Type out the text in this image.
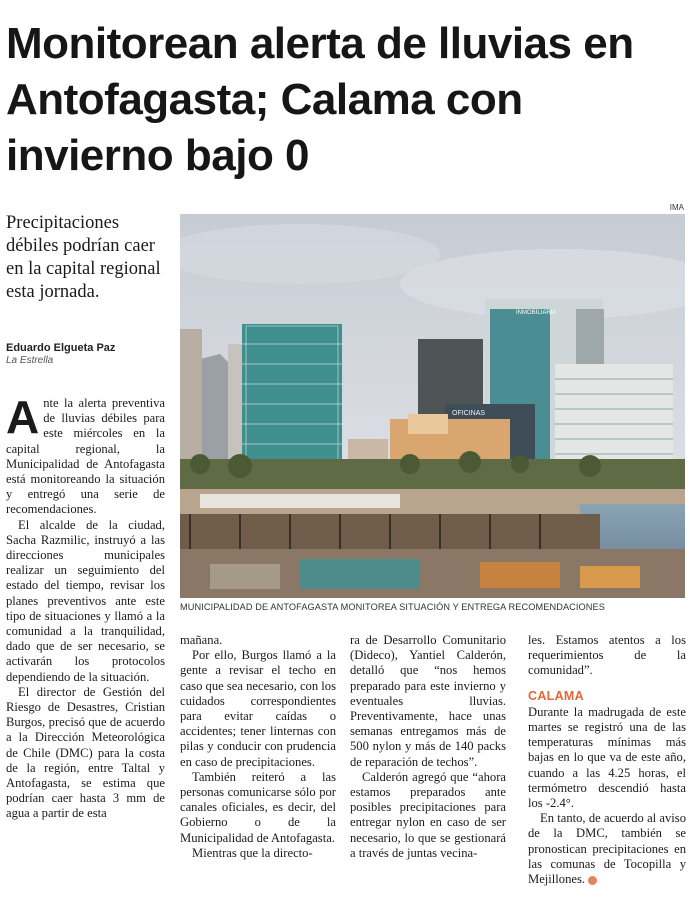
Monitorean alerta de lluvias en Antofagasta; Calama con invierno bajo 0
IMA

Precipitaciones débiles podrían caer en la capital regional esta jornada.

Eduardo Elgueta Paz
La Estrella
INMOBILIARIA
OFICINAS
MUNICIPALIDAD DE ANTOFAGASTA MONITOREA SITUACIÓN Y ENTREGA RECOMENDACIONES

Ante la alerta preventiva de lluvias débiles para este miércoles en la capital regional, la Municipalidad de Antofagasta está monitoreando la situación y entregó una serie de recomendaciones.

El alcalde de la ciudad, Sacha Razmilic, instruyó a las direcciones municipales realizar un seguimiento del estado del tiempo, revisar los planes preventivos ante este tipo de situaciones y llamó a la comunidad a la tranquilidad, dado que de ser necesario, se activarán los protocolos dependiendo de la situación.

El director de Gestión del Riesgo de Desastres, Cristian Burgos, precisó que de acuerdo a la Dirección Meteorológica de Chile (DMC) para la costa de la región, entre Taltal y Antofagasta, se estima que podrían caer hasta 3 mm de agua a partir de esta

mañana.

Por ello, Burgos llamó a la gente a revisar el techo en caso que sea necesario, con los cuidados correspondientes para evitar caídas o accidentes; tener linternas con pilas y conducir con prudencia en caso de precipitaciones.

También reiteró a las personas comunicarse sólo por canales oficiales, es decir, del Gobierno o de la Municipalidad de Antofagasta.

Mientras que la directo-

ra de Desarrollo Comunitario (Dideco), Yantiel Calderón, detalló que “nos hemos preparado para este invierno y eventuales lluvias. Preventivamente, hace unas semanas entregamos más de 500 nylon y más de 140 packs de reparación de techos”.

Calderón agregó que “ahora estamos preparados ante posibles precipitaciones para entregar nylon en caso de ser necesario, lo que se gestionará a través de juntas vecina-

les. Estamos atentos a los requerimientos de la comunidad”.

CALAMA

Durante la madrugada de este martes se registró una de las temperaturas mínimas más bajas en lo que va de este año, cuando a las 4.25 horas, el termómetro descendió hasta los -2.4°.

En tanto, de acuerdo al aviso de la DMC, también se pronostican precipitaciones en las comunas de Tocopilla y Mejillones.
